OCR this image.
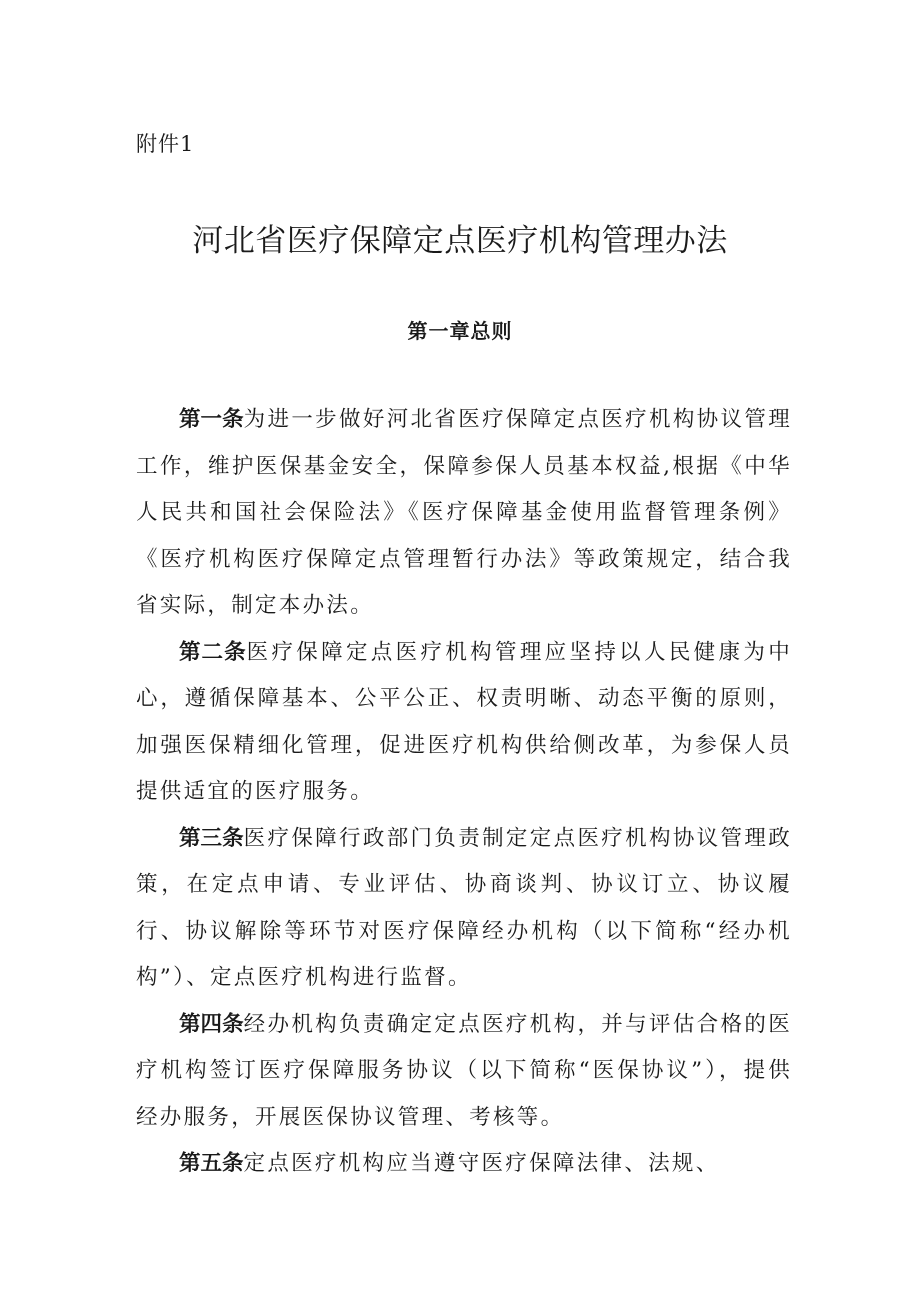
附件1
河北省医疗保障定点医疗机构管理办法
第一章总则

第一条为进一步做好河北省医疗保障定点医疗机构协议管理工作，维护医保基金安全，保障参保人员基本权益,根据《中华人民共和国社会保险法》《医疗保障基金使用监督管理条例》《医疗机构医疗保障定点管理暂行办法》等政策规定，结合我省实际，制定本办法。

第二条医疗保障定点医疗机构管理应坚持以人民健康为中心，遵循保障基本、公平公正、权责明晰、动态平衡的原则，加强医保精细化管理，促进医疗机构供给侧改革，为参保人员提供适宜的医疗服务。

第三条医疗保障行政部门负责制定定点医疗机构协议管理政策，在定点申请、专业评估、协商谈判、协议订立、协议履行、协议解除等环节对医疗保障经办机构（以下简称“经办机构”）、定点医疗机构进行监督。

第四条经办机构负责确定定点医疗机构，并与评估合格的医疗机构签订医疗保障服务协议（以下简称“医保协议”），提供经办服务，开展医保协议管理、考核等。

第五条定点医疗机构应当遵守医疗保障法律、法规、
